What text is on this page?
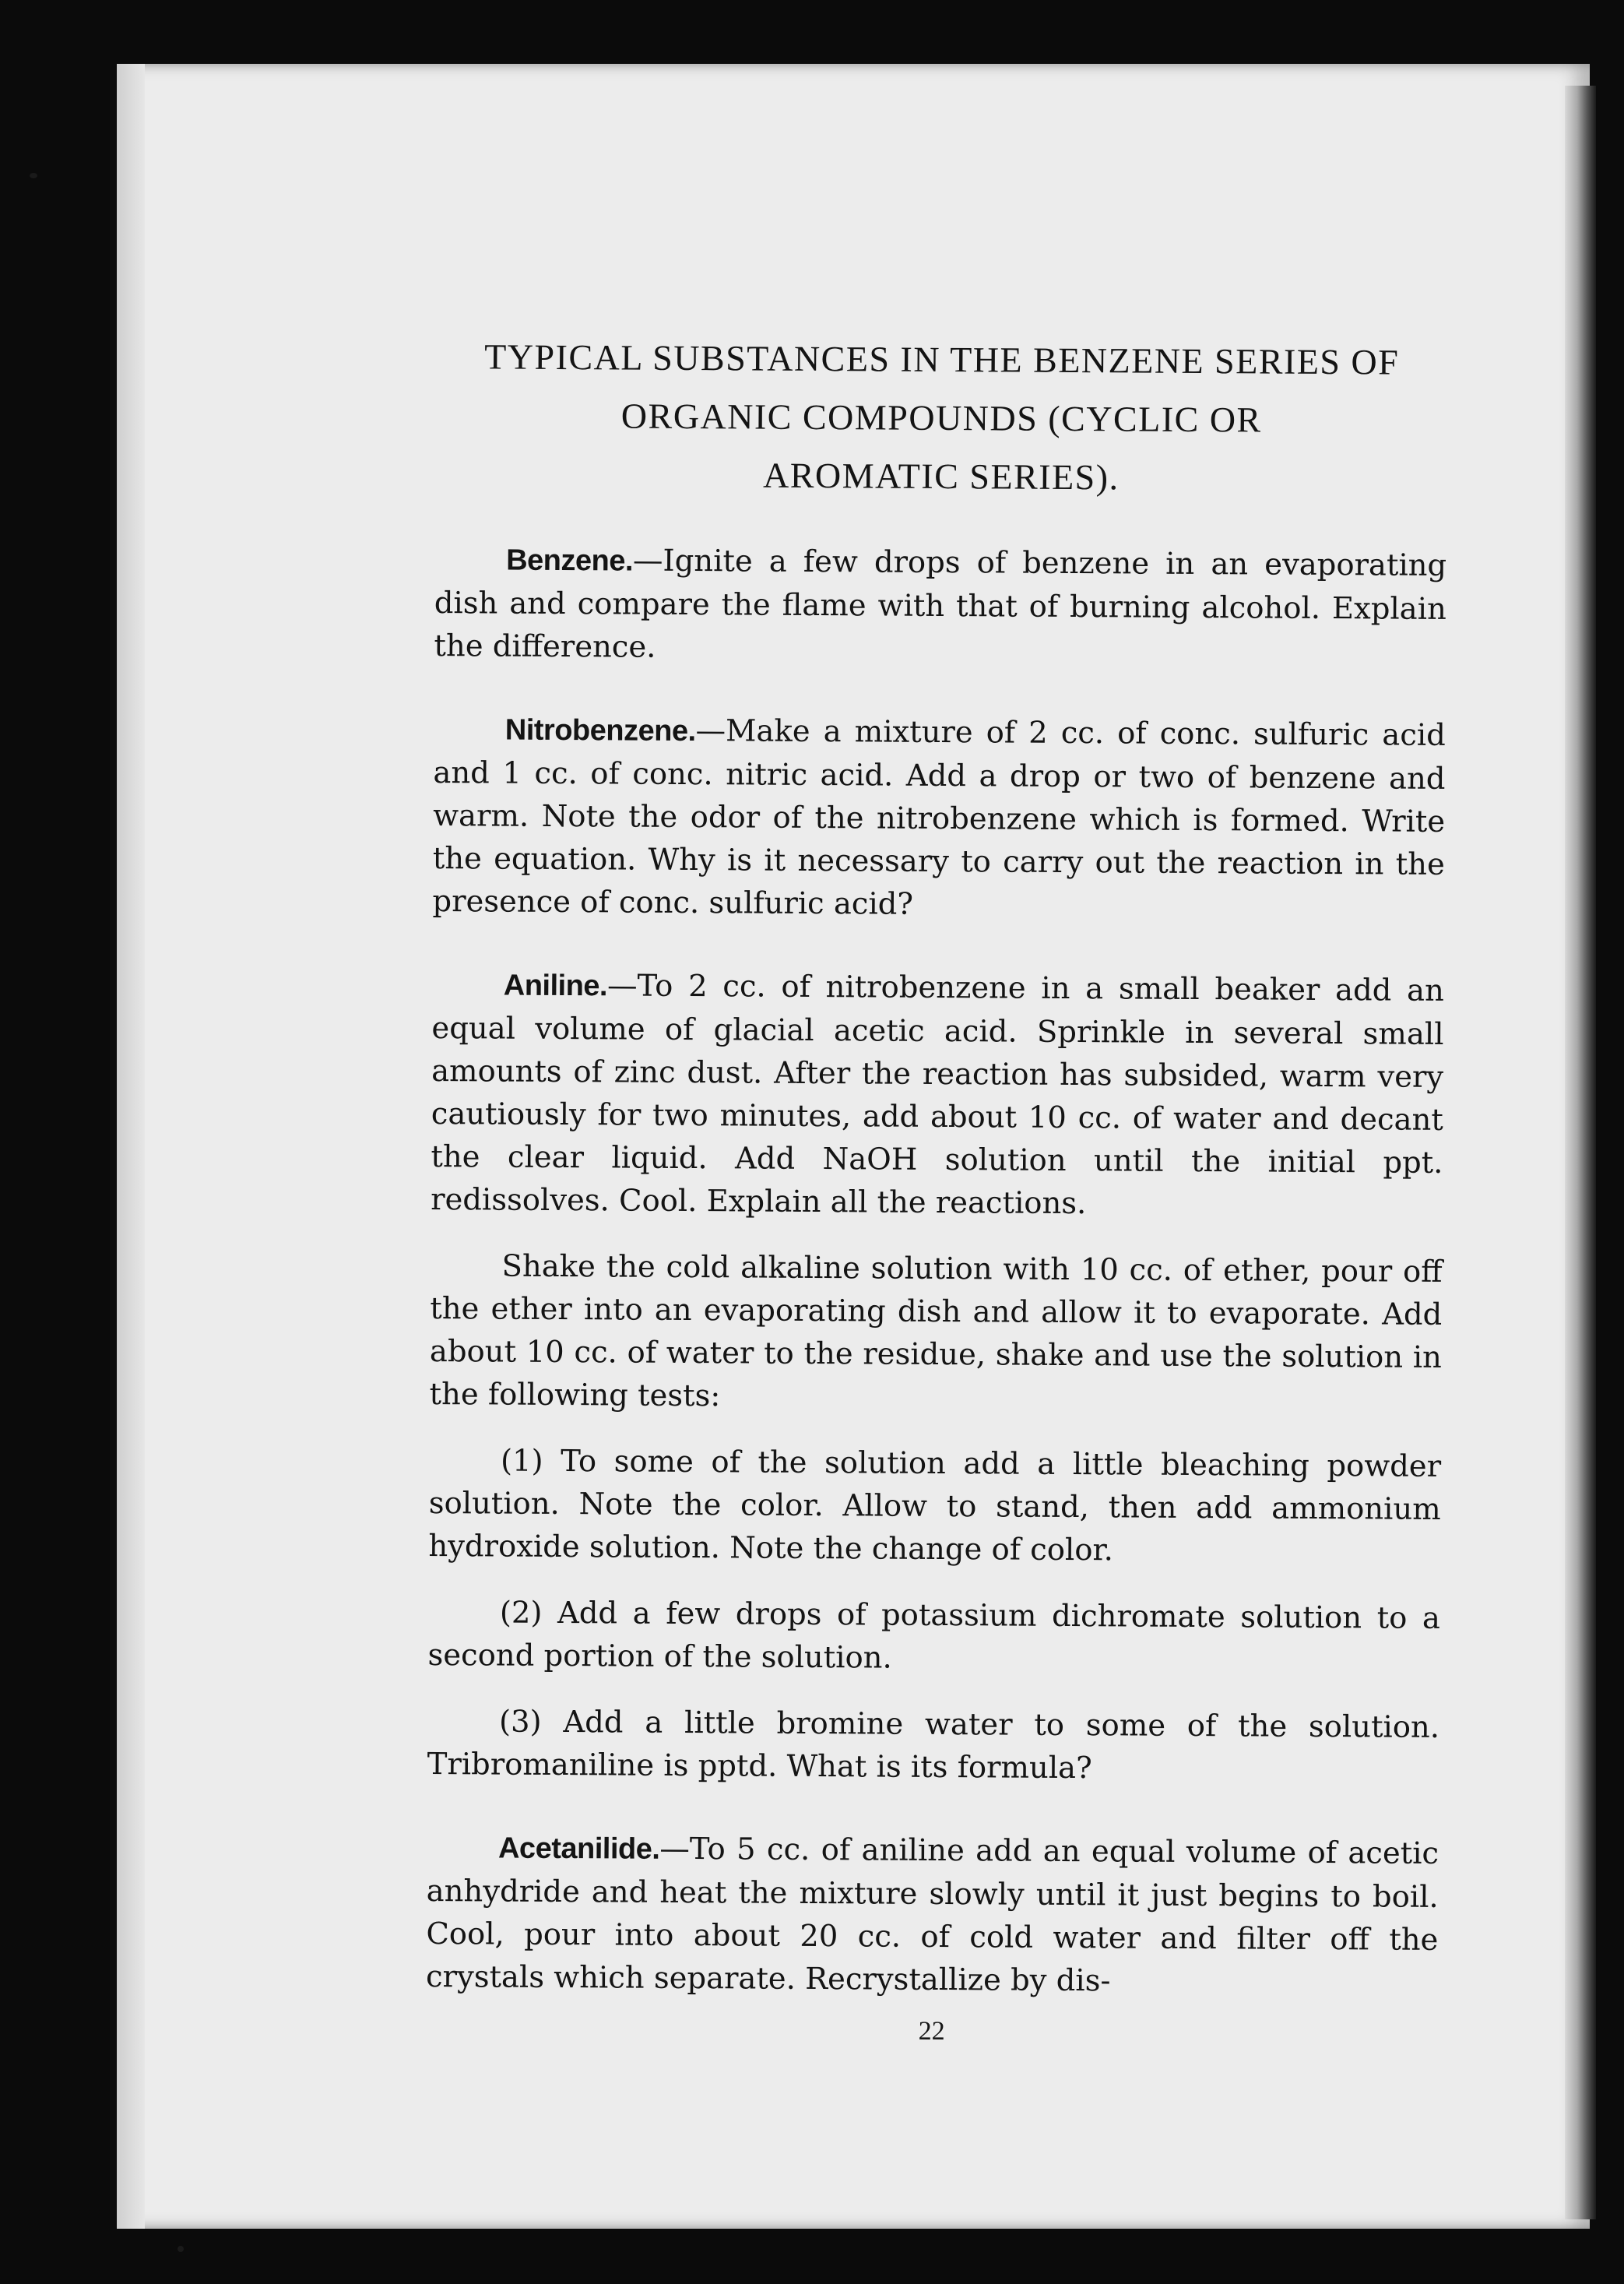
TYPICAL SUBSTANCES IN THE BENZENE SERIES OF
ORGANIC COMPOUNDS (CYCLIC OR
AROMATIC SERIES).

Benzene.—Ignite a few drops of benzene in an evaporating dish and compare the flame with that of burning alcohol. Explain the difference.

Nitrobenzene.—Make a mixture of 2 cc. of conc. sulfuric acid and 1 cc. of conc. nitric acid. Add a drop or two of benzene and warm. Note the odor of the nitrobenzene which is formed. Write the equation. Why is it necessary to carry out the reaction in the presence of conc. sulfuric acid?

Aniline.—To 2 cc. of nitrobenzene in a small beaker add an equal volume of glacial acetic acid. Sprinkle in several small amounts of zinc dust. After the reaction has subsided, warm very cautiously for two minutes, add about 10 cc. of water and decant the clear liquid. Add NaOH solution until the initial ppt. redissolves. Cool. Explain all the reactions.

Shake the cold alkaline solution with 10 cc. of ether, pour off the ether into an evaporating dish and allow it to evaporate. Add about 10 cc. of water to the residue, shake and use the solution in the following tests:

(1) To some of the solution add a little bleaching powder solution. Note the color. Allow to stand, then add ammonium hydroxide solution. Note the change of color.

(2) Add a few drops of potassium dichromate solution to a second portion of the solution.

(3) Add a little bromine water to some of the solution. Tribromaniline is pptd. What is its formula?

Acetanilide.—To 5 cc. of aniline add an equal volume of acetic anhydride and heat the mixture slowly until it just begins to boil. Cool, pour into about 20 cc. of cold water and filter off the crystals which separate. Recrystallize by dis-

22
